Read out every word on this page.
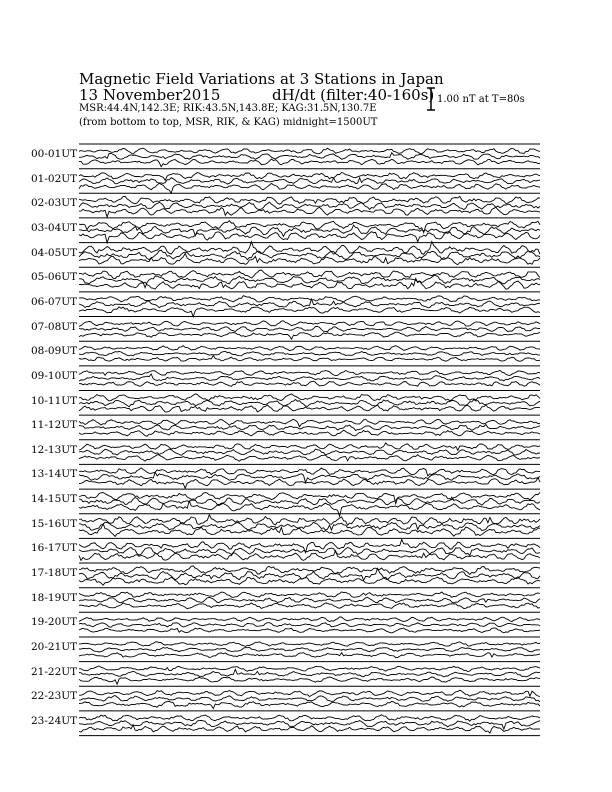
Magnetic Field Variations at 3 Stations in Japan
13 November2015	dH/dt (filter:40-160s)
MSR:44.4N,142.3E; RIK:43.5N,143.8E; KAG:31.5N,130.7E
(from bottom to top, MSR, RIK, & KAG) midnight=1500UT
1.00 nT at T=80s
00-01UT
01-02UT
02-03UT
03-04UT
04-05UT
05-06UT
06-07UT
07-08UT
08-09UT
09-10UT
10-11UT
11-12UT
12-13UT
13-14UT
14-15UT
15-16UT
16-17UT
17-18UT
18-19UT
19-20UT
20-21UT
21-22UT
22-23UT
23-24UT
